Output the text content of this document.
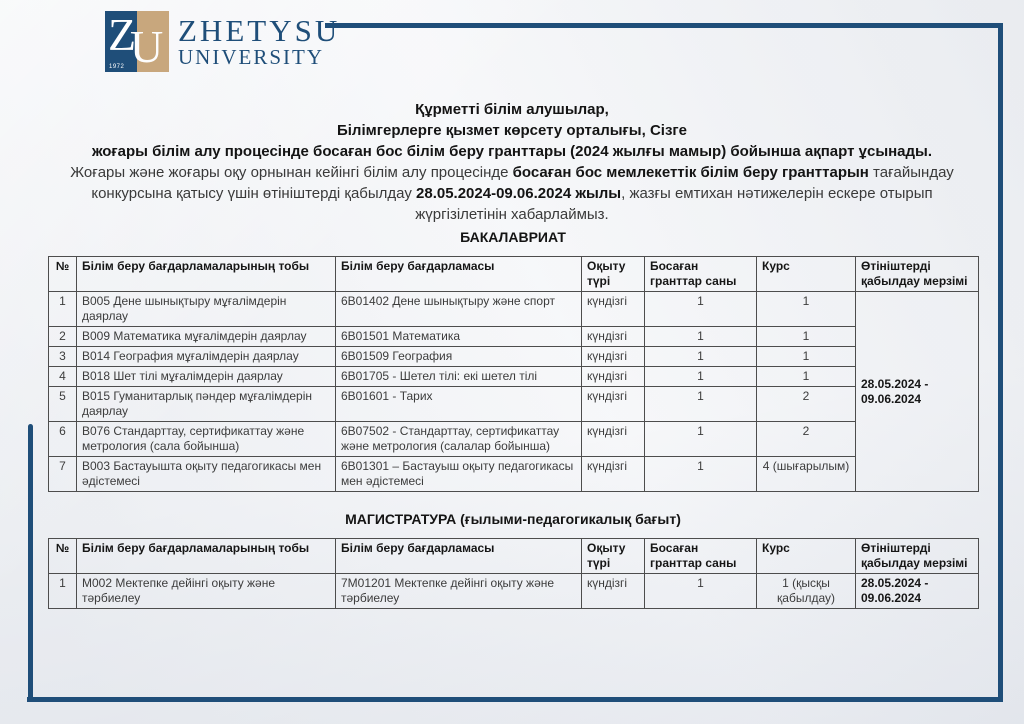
Z
U
1972
ZHETYSU
UNIVERSITY
Құрметті білім алушылар,
Білімгерлерге қызмет көрсету орталығы, Сізге
жоғары білім алу процесінде босаған бос білім беру гранттары (2024 жылғы мамыр) бойынша ақпарт ұсынады.
Жоғары және жоғары оқу орнынан кейінгі білім алу процесінде босаған бос мемлекеттік білім беру гранттарын тағайындау конкурсына қатысу үшін өтініштерді қабылдау 28.05.2024-09.06.2024 жылы, жазғы емтихан нәтижелерін ескере отырып жүргізілетінін хабарлаймыз.
БАКАЛАВРИАТ
№	Білім беру бағдарламаларының тобы	Білім беру бағдарламасы	Оқыту түрі	Босаған гранттар саны	Курс	Өтініштерді қабылдау мерзімі
1	B005 Дене шынықтыру мұғалімдерін даярлау	6B01402 Дене шынықтыру және спорт	күндізгі	1	1	28.05.2024 - 09.06.2024
2	B009 Математика мұғалімдерін даярлау	6B01501 Математика	күндізгі	1	1	
3	B014 География мұғалімдерін даярлау	6B01509 География	күндізгі	1	1	
4	B018 Шет тілі мұғалімдерін даярлау	6B01705 - Шетел тілі: екі шетел тілі	күндізгі	1	1	
5	B015 Гуманитарлық пәндер мұғалімдерін даярлау	6B01601 - Тарих	күндізгі	1	2	
6	B076 Стандарттау, сертификаттау және метрология (сала бойынша)	6B07502 - Стандарттау, сертификаттау және метрология (салалар бойынша)	күндізгі	1	2	
7	B003 Бастауышта оқыту педагогикасы мен әдістемесі	6B01301 – Бастауыш оқыту педагогикасы мен әдістемесі	күндізгі	1	4 (шығарылым)	
МАГИСТРАТУРА (ғылыми-педагогикалық бағыт)
№	Білім беру бағдарламаларының тобы	Білім беру бағдарламасы	Оқыту түрі	Босаған гранттар саны	Курс	Өтініштерді қабылдау мерзімі
1	M002 Мектепке дейінгі оқыту және тәрбиелеу	7М01201 Мектепке дейінгі оқыту және тәрбиелеу	күндізгі	1	1 (қысқы қабылдау)	28.05.2024 - 09.06.2024
